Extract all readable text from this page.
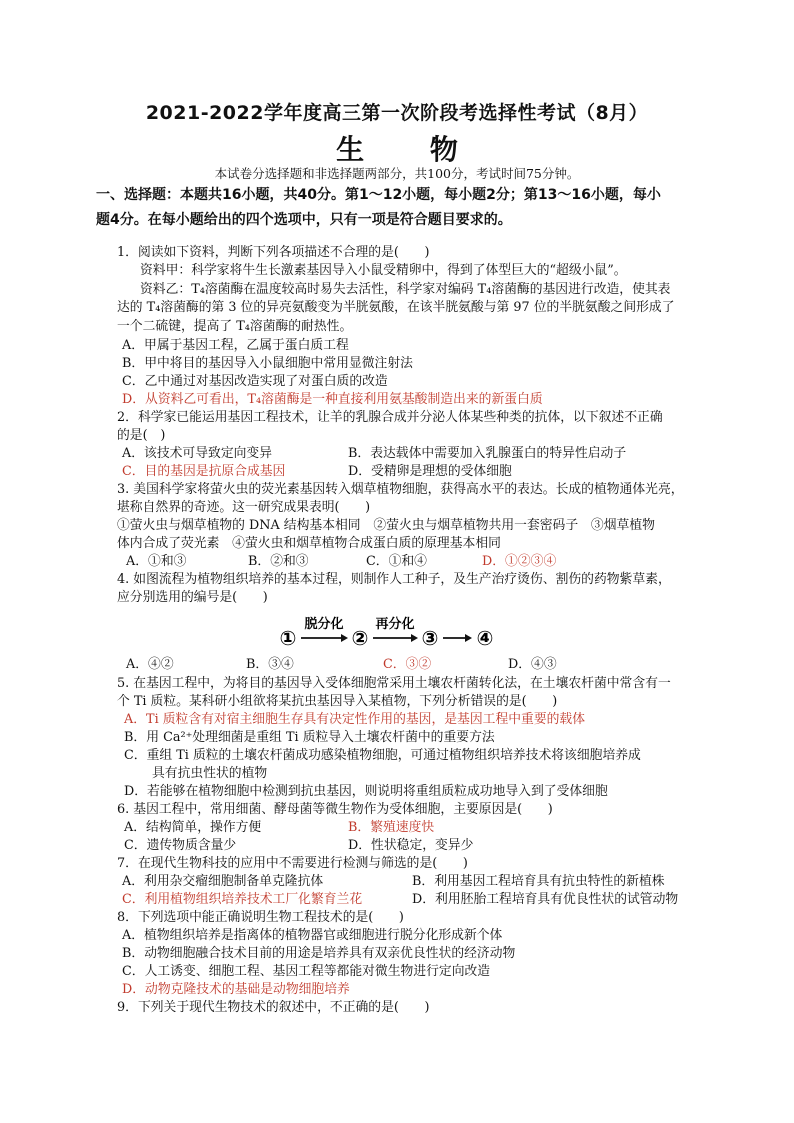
2021-2022学年度高三第一次阶段考选择性考试（8月）
生 物
本试卷分选择题和非选择题两部分，共100分，考试时间75分钟。
一、选择题：本题共16小题，共40分。第1～12小题，每小题2分；第13～16小题，每小
题4分。在每小题给出的四个选项中，只有一项是符合题目要求的。
1．阅读如下资料，判断下列各项描述不合理的是(　　)
资料甲：科学家将牛生长激素基因导入小鼠受精卵中，得到了体型巨大的“超级小鼠”。
资料乙：T₄溶菌酶在温度较高时易失去活性，科学家对编码 T₄溶菌酶的基因进行改造，使其表
达的 T₄溶菌酶的第 3 位的异亮氨酸变为半胱氨酸，在该半胱氨酸与第 97 位的半胱氨酸之间形成了
一个二硫键，提高了 T₄溶菌酶的耐热性。
A．甲属于基因工程，乙属于蛋白质工程
B．甲中将目的基因导入小鼠细胞中常用显微注射法
C．乙中通过对基因改造实现了对蛋白质的改造
D．从资料乙可看出，T₄溶菌酶是一种直接利用氨基酸制造出来的新蛋白质
2．科学家已能运用基因工程技术，让羊的乳腺合成并分泌人体某些种类的抗体，以下叙述不正确
的是(　)
A．该技术可导致定向变异	B．表达载体中需要加入乳腺蛋白的特异性启动子
C．目的基因是抗原合成基因	D．受精卵是理想的受体细胞
3. 美国科学家将萤火虫的荧光素基因转入烟草植物细胞，获得高水平的表达。长成的植物通体光亮，
堪称自然界的奇迹。这一研究成果表明(　　)
①萤火虫与烟草植物的 DNA 结构基本相同　②萤火虫与烟草植物共用一套密码子　③烟草植物
体内合成了荧光素　④萤火虫和烟草植物合成蛋白质的原理基本相同
A．①和③	B．②和③	C．①和④	D．①②③④
4. 如图流程为植物组织培养的基本过程，则制作人工种子，及生产治疗烫伤、割伤的药物紫草素，
应分别选用的编号是(　　)
A．④②	B．③④	C．③②	D．④③
5. 在基因工程中，为将目的基因导入受体细胞常采用土壤农杆菌转化法，在土壤农杆菌中常含有一
个 Ti 质粒。某科研小组欲将某抗虫基因导入某植物，下列分析错误的是(　　)
A．Ti 质粒含有对宿主细胞生存具有决定性作用的基因，是基因工程中重要的载体
B．用 Ca²⁺处理细菌是重组 Ti 质粒导入土壤农杆菌中的重要方法
C．重组 Ti 质粒的土壤农杆菌成功感染植物细胞，可通过植物组织培养技术将该细胞培养成
具有抗虫性状的植物
D．若能够在植物细胞中检测到抗虫基因，则说明将重组质粒成功地导入到了受体细胞
6. 基因工程中，常用细菌、酵母菌等微生物作为受体细胞，主要原因是(　　)
A．结构简单，操作方便	B．繁殖速度快
C．遗传物质含量少	D．性状稳定，变异少
7．在现代生物科技的应用中不需要进行检测与筛选的是(　　)
A．利用杂交瘤细胞制备单克隆抗体	B．利用基因工程培育具有抗虫特性的新植株
C．利用植物组织培养技术工厂化繁育兰花	D．利用胚胎工程培育具有优良性状的试管动物
8．下列选项中能正确说明生物工程技术的是(　　)
A．植物组织培养是指离体的植物器官或细胞进行脱分化形成新个体
B．动物细胞融合技术目前的用途是培养具有双亲优良性状的经济动物
C．人工诱变、细胞工程、基因工程等都能对微生物进行定向改造
D．动物克隆技术的基础是动物细胞培养
9．下列关于现代生物技术的叙述中，不正确的是(　　)
①	②	③ ④
脱分化 再分化
